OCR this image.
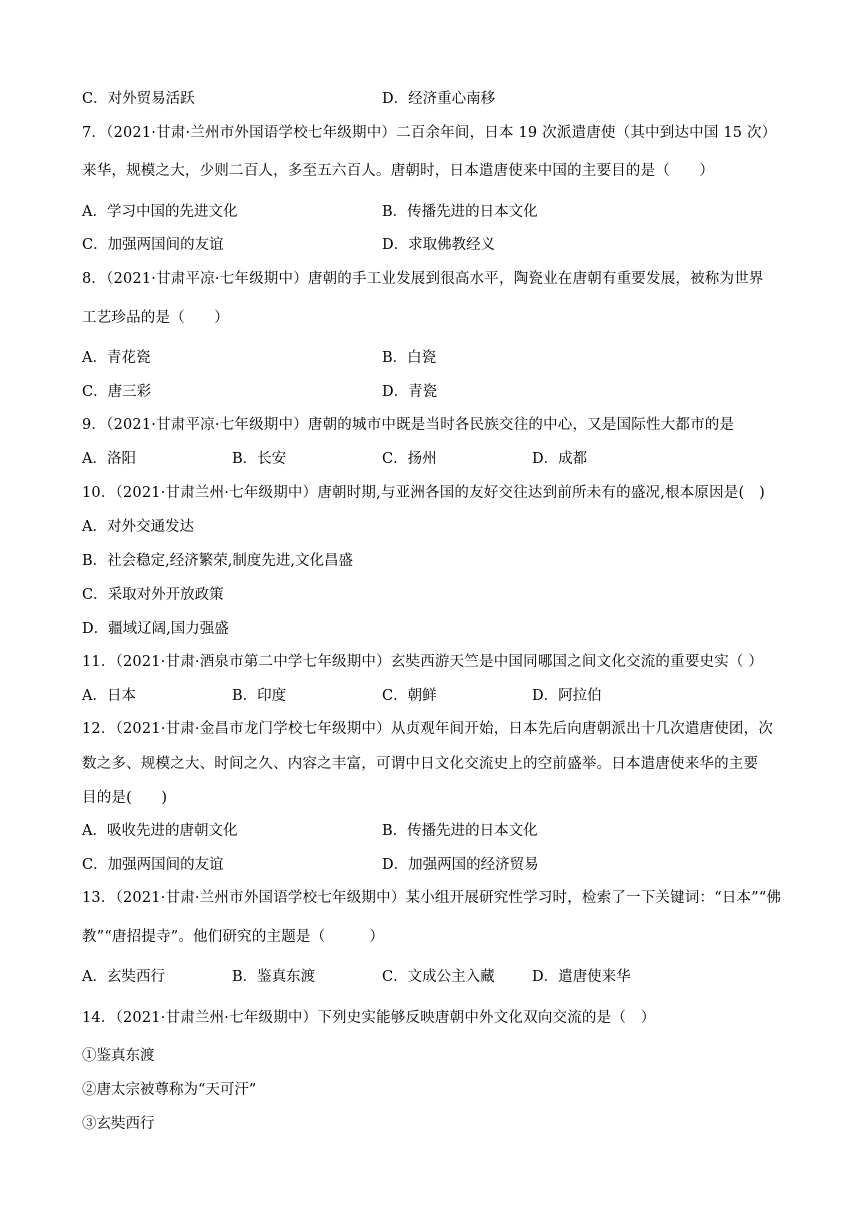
C．对外贸易活跃	D．经济重心南移
7．（2021·甘肃·兰州市外国语学校七年级期中）二百余年间，日本 19 次派遣唐使（其中到达中国 15 次）
来华，规模之大，少则二百人，多至五六百人。唐朝时，日本遣唐使来中国的主要目的是（　　）
A．学习中国的先进文化	B．传播先进的日本文化
C．加强两国间的友谊	D．求取佛教经义
8．（2021·甘肃平凉·七年级期中）唐朝的手工业发展到很高水平，陶瓷业在唐朝有重要发展，被称为世界
工艺珍品的是（　　）
A．青花瓷	B．白瓷
C．唐三彩	D．青瓷
9．（2021·甘肃平凉·七年级期中）唐朝的城市中既是当时各民族交往的中心，又是国际性大都市的是
A．洛阳	B．长安	C．扬州	D．成都
10．（2021·甘肃兰州·七年级期中）唐朝时期,与亚洲各国的友好交往达到前所未有的盛况,根本原因是(　)
A．对外交通发达
B．社会稳定,经济繁荣,制度先进,文化昌盛
C．采取对外开放政策
D．疆域辽阔,国力强盛
11．（2021·甘肃·酒泉市第二中学七年级期中）玄奘西游天竺是中国同哪国之间文化交流的重要史实（ ）
A．日本	B．印度	C．朝鲜	D．阿拉伯
12．（2021·甘肃·金昌市龙门学校七年级期中）从贞观年间开始，日本先后向唐朝派出十几次遣唐使团，次
数之多、规模之大、时间之久、内容之丰富，可谓中日文化交流史上的空前盛举。日本遣唐使来华的主要
目的是(　　)
A．吸收先进的唐朝文化	B．传播先进的日本文化
C．加强两国间的友谊	D．加强两国的经济贸易
13．（2021·甘肃·兰州市外国语学校七年级期中）某小组开展研究性学习时，检索了一下关键词：“日本”“佛
教”“唐招提寺”。他们研究的主题是（　　　）
A．玄奘西行	B．鉴真东渡	C．文成公主入藏	D．遣唐使来华
14．（2021·甘肃兰州·七年级期中）下列史实能够反映唐朝中外文化双向交流的是（　）
①鉴真东渡
②唐太宗被尊称为“天可汗”
③玄奘西行
